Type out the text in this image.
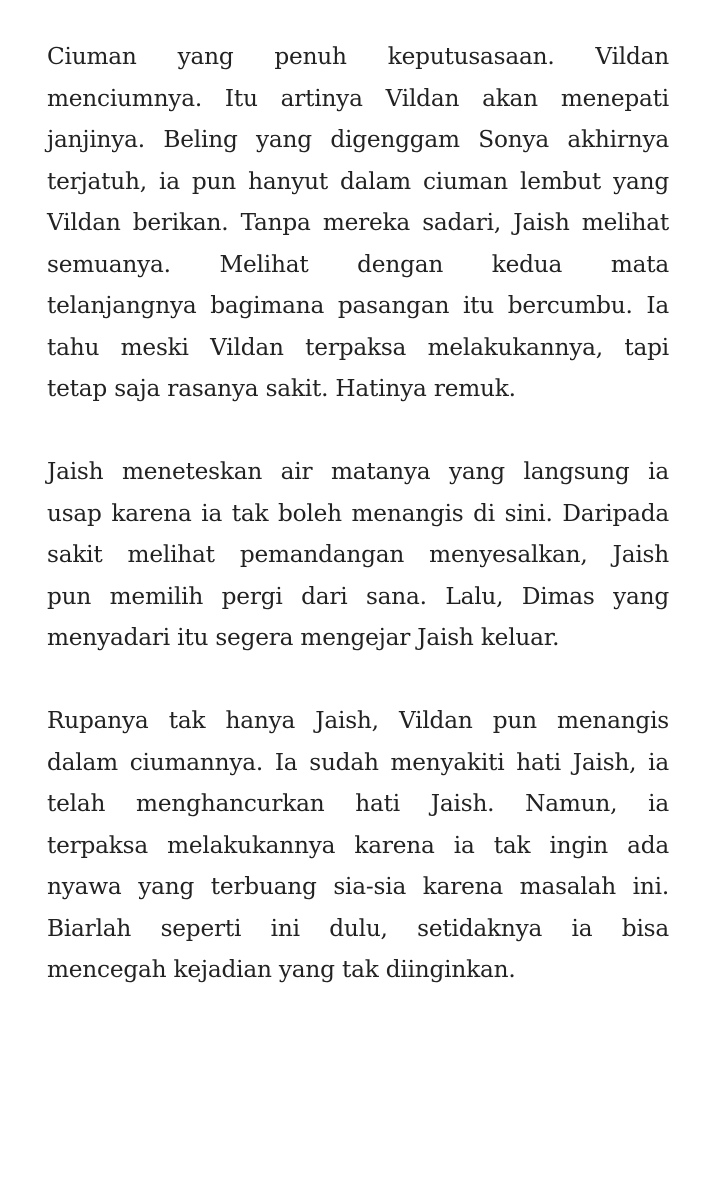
Ciuman yang penuh keputusasaan. Vildan
menciumnya. Itu artinya Vildan akan menepati
janjinya. Beling yang digenggam Sonya akhirnya
terjatuh, ia pun hanyut dalam ciuman lembut yang
Vildan berikan. Tanpa mereka sadari, Jaish melihat
semuanya. Melihat dengan kedua mata
telanjangnya bagimana pasangan itu bercumbu. Ia
tahu meski Vildan terpaksa melakukannya, tapi
tetap saja rasanya sakit. Hatinya remuk.

Jaish meneteskan air matanya yang langsung ia
usap karena ia tak boleh menangis di sini. Daripada
sakit melihat pemandangan menyesalkan, Jaish
pun memilih pergi dari sana. Lalu, Dimas yang
menyadari itu segera mengejar Jaish keluar.

Rupanya tak hanya Jaish, Vildan pun menangis
dalam ciumannya. Ia sudah menyakiti hati Jaish, ia
telah menghancurkan hati Jaish. Namun, ia
terpaksa melakukannya karena ia tak ingin ada
nyawa yang terbuang sia-sia karena masalah ini.
Biarlah seperti ini dulu, setidaknya ia bisa
mencegah kejadian yang tak diinginkan.
